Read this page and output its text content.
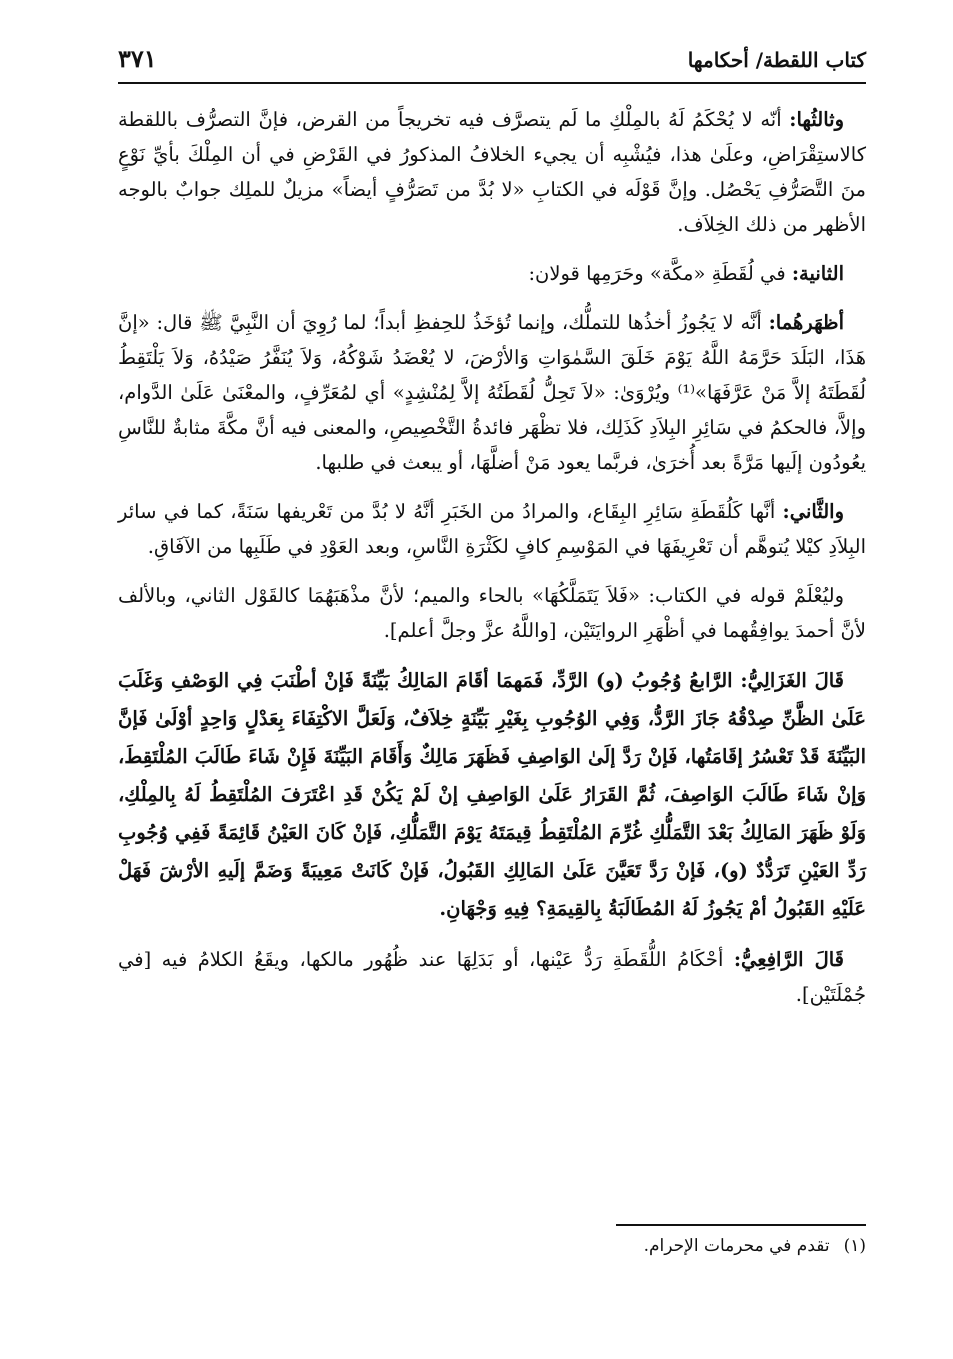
كتاب اللقطة/ أحكامها
٣٧١

وثالثُها: أنّه لا يُحْكَمُ لَهُ بالمِلْكِ ما لَم يتصرَّف فيه تخريجاً من القرض، فإنَّ التصرُّف باللقطة كالاستِقْرَاضِ، وعلَىٰ هذا، فيُشْبِه أن يجيء الخلافُ المذكورُ في القَرْضِ في أن المِلْكَ بأيِّ نَوْعٍ منَ التَّصَرُّفِ يَحْصُل. وإنَّ قَوْلَه في الكتابِ «لا بُدَّ من تَصَرُّفٍ أيضاً» مزيلٌ للملِك جوابٌ بالوجه الأظهر من ذلك الخِلاَف.

الثانية: في لُقَطَةِ «مكَّة» وحَرَمِها قولان:

أظهَرهُما: أنَّه لا يَجُوزُ أخذُها للتملُّك، وإنما تُؤخَذُ للحِفظِ أبداً؛ لما رُوِيَ أن النَّبِيَّ ﷺ قال: «إنَّ هَذَا، البَلَدَ حَرَّمَهُ اللَّهُ يَوْمَ خَلَقَ السَّمٰوَاتِ وَالأرْضَ، لا يُعْضَدُ شَوْكُهُ، وَلاَ يُنَفَّرُ صَيْدُهُ، وَلاَ يَلْتَقِطُ لُقَطَتَهُ إلاَّ مَنْ عَرَّفَهَا»⁽¹⁾ ويُرْوَىٰ: «لاَ تَحِلُّ لُقَطَتُهُ إلاَّ لِمُنْشِدٍ» أي لمُعَرِّفٍ، والمعْنَىٰ عَلَىٰ الدَّوام، وإلاَّ، فالحكمُ في سَائِرِ البِلاَدِ كَذَلِك، فلا تظْهَر فائدةُ التَّخْصِيصِ، والمعنى فيه أنَّ مكَّةَ مثابةٌ للنَّاسِ يعُودُون إلَيها مَرَّةً بعد أُخرَىٰ، فربَّما يعود مَنْ أضلَّهَا، أو يبعث في طلبها.

والثَّاني: أنَّها كَلُقَطَةِ سَائِرِ البِقَاع، والمرادُ من الخَبَرِ أنَّهُ لا بُدَّ من تَعْريفها سَنَةً، كما في سائر البِلاَدِ كيْلا يُتوهَّم أن تَعْرِيفَهَا في المَوْسِمِ كافٍ لكَثْرَةِ النَّاسِ، وبعد العَوْدِ في طَلَبِها من الآفَاقِ.

وليُعْلَمْ قوله في الكتاب: «فَلاَ يَتَمَلَّكُهَا» بالحاء والميم؛ لأنَّ مذْهَبَهُمَا كالقَوْل الثاني، وبالألف لأنَّ أحمدَ يوافِقُهما في أظْهَرِ الروايَتَيْن، [واللَّهُ عزَّ وجلَّ أعلم].

قَالَ الغَزَالِيُّ: الرَّابعُ وُجُوبُ (و) الرَّدِّ، فَمَهمَا أقَامَ المَالِكُ بَيِّنَةً فَإنْ أطْنَبَ فِي الوَصْفِ وَغَلَبَ عَلَىٰ الظَّنِّ صِدْقُهُ جَازَ الرَّدُّ، وَفِي الوُجُوبِ بِغَيْرِ بَيِّنَةٍ خِلاَفٌ، وَلَعَلَّ الاكْتِفَاءَ بِعَدْلٍ وَاحِدٍ أوْلَىٰ فَإنَّ البَيِّنَةَ قَدْ تَعْسُرُ إقَامَتُها، فَإنْ رَدَّ إلَىٰ الوَاصِفِ فَظَهَرَ مَالِكٌ وَأَقَامَ البَيِّنَةَ فَإِنْ شَاءَ طَالَبَ المُلْتَقِطَ، وَإنْ شَاءَ طَالَبَ الوَاصِفَ، ثُمَّ القَرَارُ عَلَىٰ الوَاصِفِ إنْ لَمْ يَكُنْ قَدِ اعْتَرَفَ المُلْتَقِطُ لَهُ بِالمِلْكِ، وَلَوْ ظَهَرَ المَالِكُ بَعْدَ التَّمَلُّكِ غُرِّمَ المُلْتَقِطُ قِيمَتَهُ يَوْمَ التَّمَلُّكِ، فَإنْ كَانَ العَيْنُ قَائِمَةً فَفِي وُجُوبِ رَدِّ العَيْنِ تَرَدُّدٌ (و)، فَإنْ رَدَّ تَعَيَّنَ عَلَىٰ المَالِكِ القَبُولُ، فَإنْ كَانَتْ مَعِيبَةً وَضَمَّ إلَيهِ الأرْشَ فَهَلْ عَلَيْهِ القَبُولُ أمْ يَجُوزُ لَهُ المُطَالَبَةُ بِالقِيمَةِ؟ فِيهِ وَجْهَانِ.

قَالَ الرَّافِعِيُّ: أحْكَامُ اللُّقَطَةِ رَدُّ عَيْنها، أو بَدَلِهَا عند ظُهُور مالكها، ويقَعُ الكلامُ فيه [في جُمْلَتَيْن].

(١)تقدم في محرمات الإحرام.
